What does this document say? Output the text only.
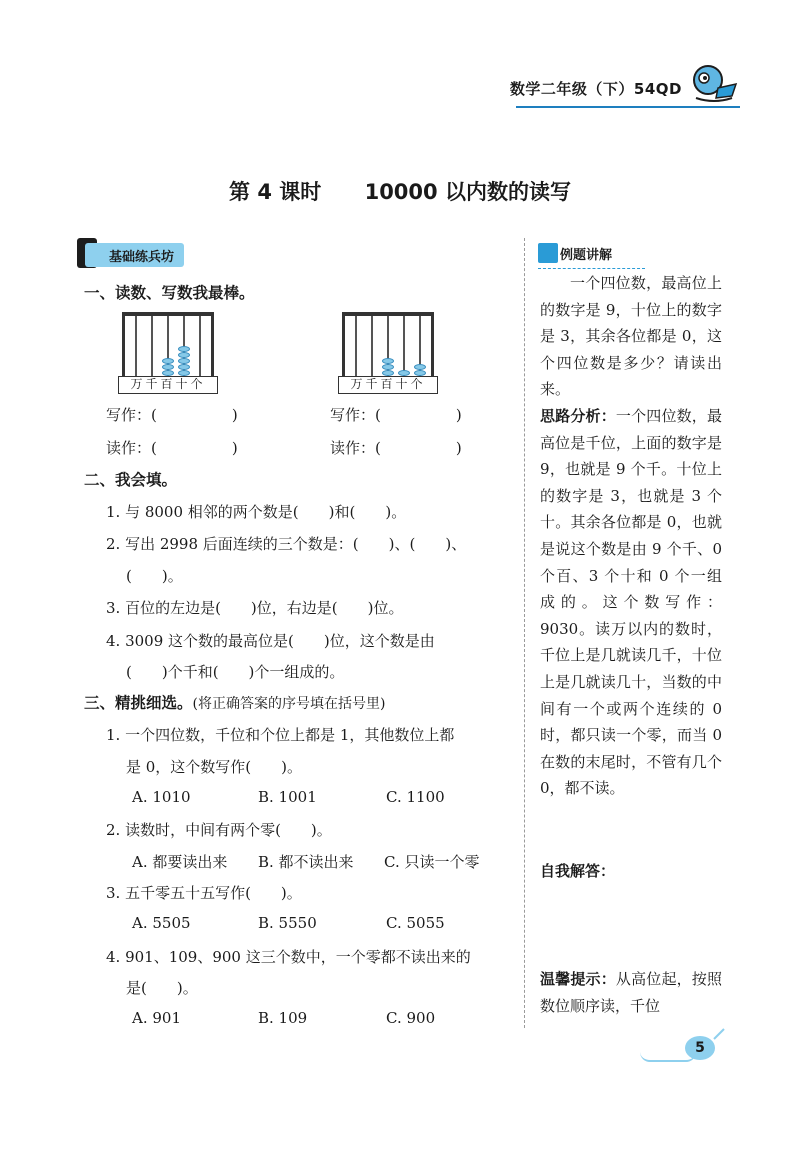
数学二年级（下）54QD
第 4 课时 10000 以内数的读写
基础练兵坊
一、读数、写数我最棒。
万千百十个	万千百十个
写作：(　　　　　)	写作：(　　　　　)
读作：(　　　　　)	读作：(　　　　　)
二、我会填。
1. 与 8000 相邻的两个数是(　　)和(　　)。
2. 写出 2998 后面连续的三个数是：(　　)、(　　)、
(　　)。
3. 百位的左边是(　　)位，右边是(　　)位。
4. 3009 这个数的最高位是(　　)位，这个数是由
(　　)个千和(　　)个一组成的。
三、精挑细选。(将正确答案的序号填在括号里)
1. 一个四位数，千位和个位上都是 1，其他数位上都
是 0，这个数写作(　　)。
A. 1010	B. 1001	C. 1100
2. 读数时，中间有两个零(　　)。
A. 都要读出来 B. 都不读出来 C. 只读一个零
3. 五千零五十五写作(　　)。
A. 5505	B. 5550	C. 5055
4. 901、109、900 这三个数中，一个零都不读出来的
是(　　)。
A. 901	B. 109	C. 900
例题讲解
一个四位数，最高位上的数字是 9，十位上的数字是 3，其余各位都是 0，这个四位数是多少？请读出来。
思路分析：一个四位数，最高位是千位，上面的数字是 9，也就是 9 个千。十位上的数字是 3，也就是 3 个十。其余各位都是 0，也就是说这个数是由 9 个千、0 个百、3 个十和 0 个一组成的。这个数写作：9030。读万以内的数时，千位上是几就读几千，十位上是几就读几十，当数的中间有一个或两个连续的 0 时，都只读一个零，而当 0 在数的末尾时，不管有几个 0，都不读。
自我解答：
温馨提示：从高位起，按照数位顺序读，千位
5
